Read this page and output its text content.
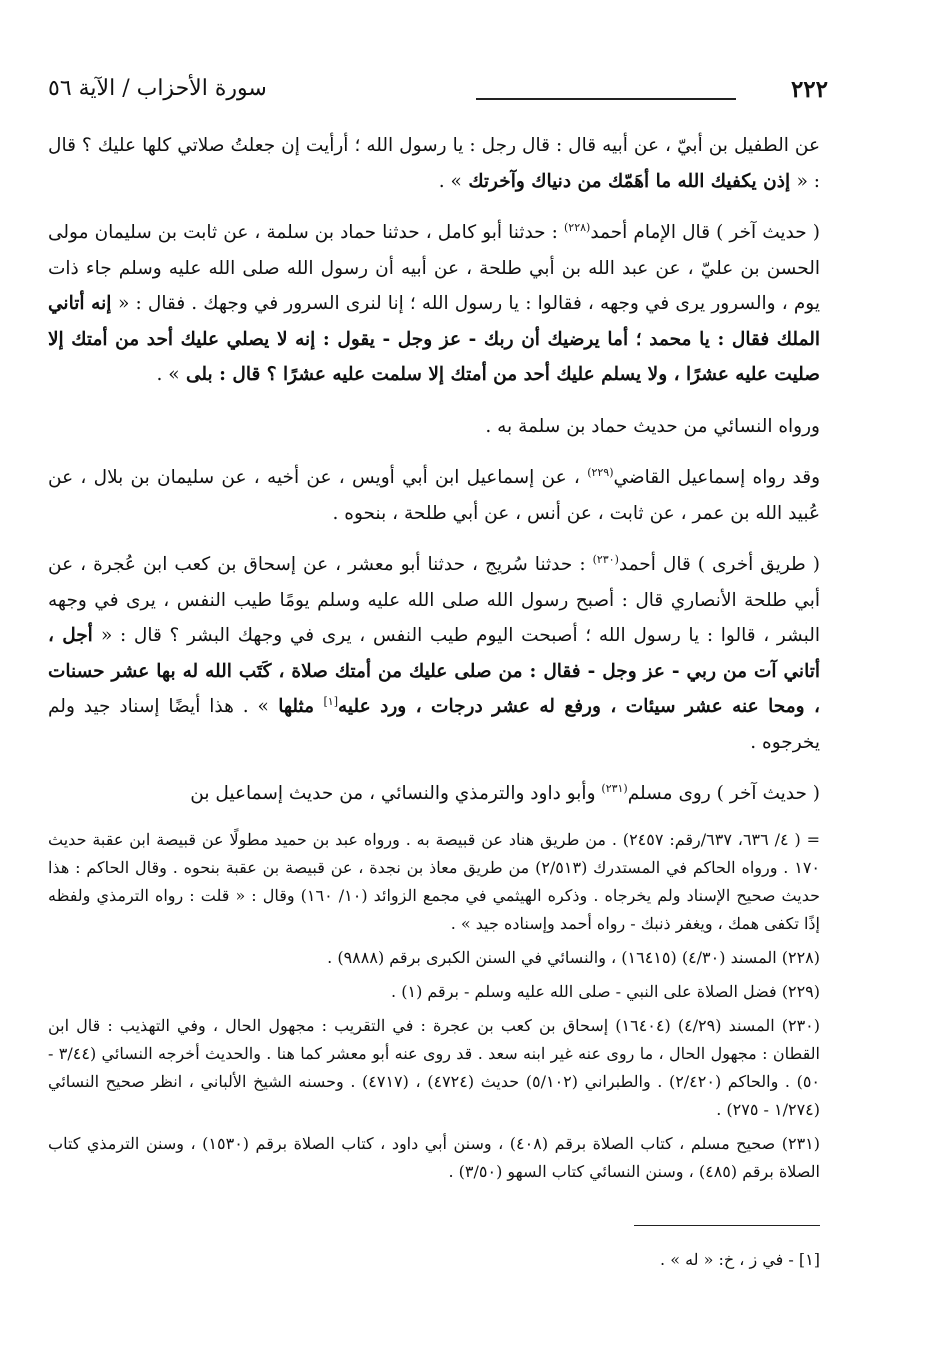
٢٢٢
سورة الأحزاب / الآية ٥٦

عن الطفيل بن أبيّ ، عن أبيه قال : قال رجل : يا رسول الله ؛ أرأيت إن جعلتُ صلاتي كلها عليك ؟ قال : « إذن يكفيك الله ما أهَمّك من دنياك وآخرتك » .

( حديث آخر ) قال الإمام أحمد$^{(٢٢٨)}$ : حدثنا أبو كامل ، حدثنا حماد بن سلمة ، عن ثابت بن سليمان مولى الحسن بن عليّ ، عن عبد الله بن أبي طلحة ، عن أبيه أن رسول الله صلى الله عليه وسلم جاء ذات يوم ، والسرور يرى في وجهه ، فقالوا : يا رسول الله ؛ إنا لنرى السرور في وجهك . فقال : « إنه أتاني الملك فقال : يا محمد ؛ أما يرضيك أن ربك - عز وجل - يقول : إنه لا يصلي عليك أحد من أمتك إلا صليت عليه عشرًا ، ولا يسلم عليك أحد من أمتك إلا سلمت عليه عشرًا ؟ قال : بلى » .

ورواه النسائي من حديث حماد بن سلمة به .

وقد رواه إسماعيل القاضي$^{(٢٢٩)}$ ، عن إسماعيل ابن أبي أويس ، عن أخيه ، عن سليمان بن بلال ، عن عُبيد الله بن عمر ، عن ثابت ، عن أنس ، عن أبي طلحة ، بنحوه .

( طريق أخرى ) قال أحمد$^{(٢٣٠)}$ : حدثنا سُريج ، حدثنا أبو معشر ، عن إسحاق بن كعب ابن عُجرة ، عن أبي طلحة الأنصاري قال : أصبح رسول الله صلى الله عليه وسلم يومًا طيب النفس ، يرى في وجهه البشر ، قالوا : يا رسول الله ؛ أصبحت اليوم طيب النفس ، يرى في وجهك البشر ؟ قال : « أجل ، أتاني آت من ربي - عز وجل - فقال : من صلى عليك من أمتك صلاة ، كَتَب الله له بها عشر حسنات ، ومحا عنه عشر سيئات ، ورفع له عشر درجات ، ورد عليه[١] مثلها » . هذا أيضًا إسناد جيد ولم يخرجوه .

( حديث آخر ) روى مسلم$^{(٢٣١)}$ وأبو داود والترمذي والنسائي ، من حديث إسماعيل بن

= ( ٤/ ٦٣٦، ٦٣٧/رقم: ٢٤٥٧) . من طريق هناد عن قبيصة به . ورواه عبد بن حميد مطولًا عن قبيصة ابن عقبة حديث ١٧٠ . ورواه الحاكم في المستدرك (٢/٥١٣) من طريق معاذ بن نجدة ، عن قبيصة بن عقبة بنحوه . وقال الحاكم : هذا حديث صحيح الإسناد ولم يخرجاه . وذكره الهيثمي في مجمع الزوائد (١٠/ ١٦٠) وقال : « قلت : رواه الترمذي ولفظه إذًا تكفى همك ، ويغفر ذنبك - رواه أحمد وإسناده جيد » .

(٢٢٨) المسند (٤/٣٠) (١٦٤١٥) ، والنسائي في السنن الكبرى برقم (٩٨٨٨) .

(٢٢٩) فضل الصلاة على النبي - صلى الله عليه وسلم - برقم (١) .

(٢٣٠) المسند (٤/٢٩) (١٦٤٠٤) إسحاق بن كعب بن عجرة : في التقريب : مجهول الحال ، وفي التهذيب : قال ابن القطان : مجهول الحال ، ما روى عنه غير ابنه سعد . قد روى عنه أبو معشر كما هنا . والحديث أخرجه النسائي (٣/٤٤ - ٥٠) . والحاكم (٢/٤٢٠) . والطبراني (٥/١٠٢) حديث (٤٧٢٤) ، (٤٧١٧) . وحسنه الشيخ الألباني ، انظر صحيح النسائي (١/٢٧٤ - ٢٧٥) .

(٢٣١) صحيح مسلم ، كتاب الصلاة برقم (٤٠٨) ، وسنن أبي داود ، كتاب الصلاة برقم (١٥٣٠) ، وسنن الترمذي كتاب الصلاة برقم (٤٨٥) ، وسنن النسائي كتاب السهو (٣/٥٠) .

[١] - في ز ، خ: « له » .
